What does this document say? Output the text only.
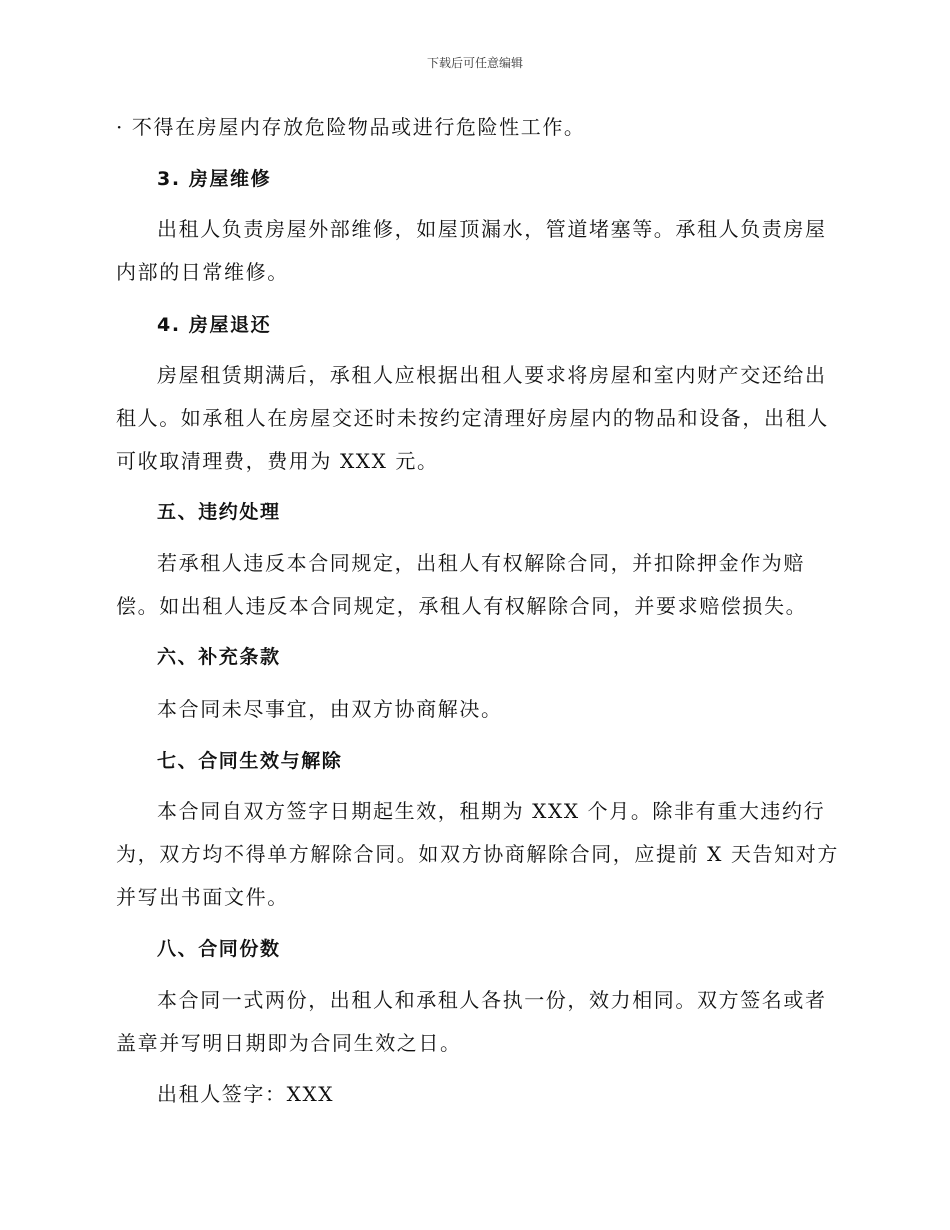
下载后可任意编辑
· 不得在房屋内存放危险物品或进行危险性工作。
3. 房屋维修
出租人负责房屋外部维修，如屋顶漏水，管道堵塞等。承租人负责房屋
内部的日常维修。
4. 房屋退还
房屋租赁期满后，承租人应根据出租人要求将房屋和室内财产交还给出
租人。如承租人在房屋交还时未按约定清理好房屋内的物品和设备，出租人
可收取清理费，费用为 XXX 元。
五、违约处理
若承租人违反本合同规定，出租人有权解除合同，并扣除押金作为赔
偿。如出租人违反本合同规定，承租人有权解除合同，并要求赔偿损失。
六、补充条款
本合同未尽事宜，由双方协商解决。
七、合同生效与解除
本合同自双方签字日期起生效，租期为 XXX 个月。除非有重大违约行
为，双方均不得单方解除合同。如双方协商解除合同，应提前 X 天告知对方
并写出书面文件。
八、合同份数
本合同一式两份，出租人和承租人各执一份，效力相同。双方签名或者
盖章并写明日期即为合同生效之日。
出租人签字：XXX
